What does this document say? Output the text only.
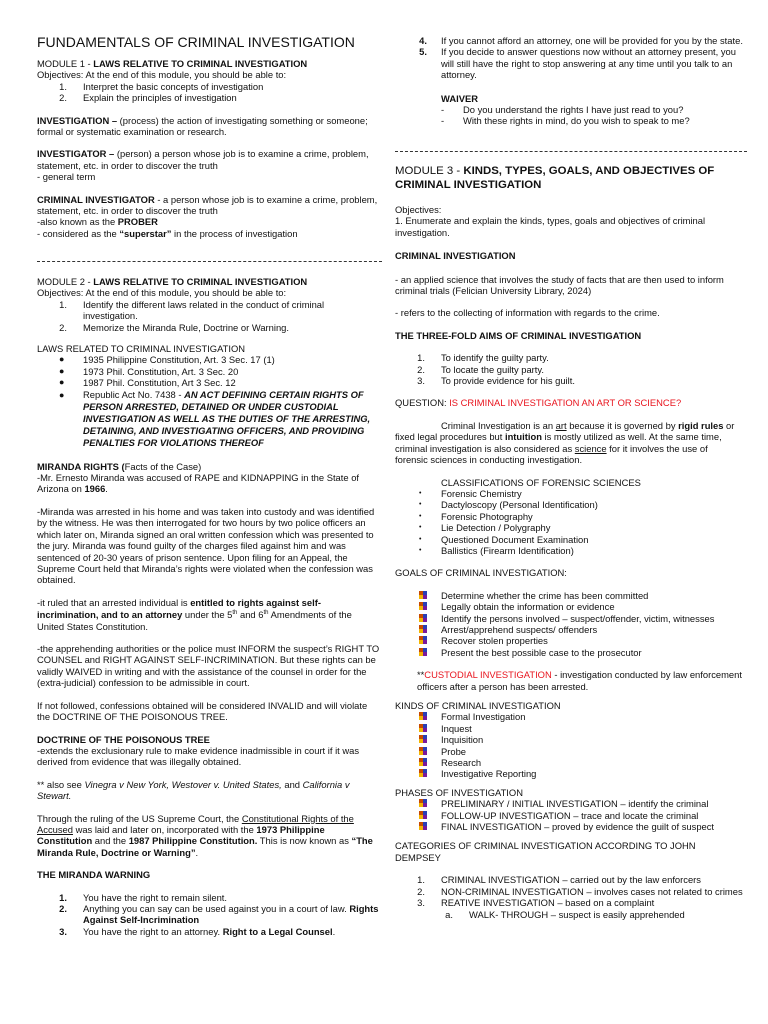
FUNDAMENTALS OF CRIMINAL INVESTIGATION

MODULE 1 - LAWS RELATIVE TO CRIMINAL INVESTIGATION

Objectives: At the end of this module, you should be able to:

1. Interpret the basic concepts of investigation
2. Explain the principles of investigation

INVESTIGATION – (process) the action of investigating something or someone; formal or systematic examination or research.

INVESTIGATOR – (person) a person whose job is to examine a crime, problem, statement, etc. in order to discover the truth

- general term

CRIMINAL INVESTIGATOR - a person whose job is to examine a crime, problem, statement, etc. in order to discover the truth

-also known as the PROBER

- considered as the “superstar” in the process of investigation

MODULE 2 - LAWS RELATIVE TO CRIMINAL INVESTIGATION

Objectives: At the end of this module, you should be able to:

1. Identify the different laws related in the conduct of criminal investigation.
2. Memorize the Miranda Rule, Doctrine or Warning.

LAWS RELATED TO CRIMINAL INVESTIGATION

● 1935 Philippine Constitution, Art. 3 Sec. 17 (1)
● 1973 Phil. Constitution, Art. 3 Sec. 20
● 1987 Phil. Constitution, Art 3 Sec. 12
● Republic Act No. 7438 - AN ACT DEFINING CERTAIN RIGHTS OF PERSON ARRESTED, DETAINED OR UNDER CUSTODIAL INVESTIGATION AS WELL AS THE DUTIES OF THE ARRESTING, DETAINING, AND INVESTIGATING OFFICERS, AND PROVIDING PENALTIES FOR VIOLATIONS THEREOF

MIRANDA RIGHTS (Facts of the Case)

-Mr. Ernesto Miranda was accused of RAPE and KIDNAPPING in the State of Arizona on 1966.

-Miranda was arrested in his home and was taken into custody and was identified by the witness. He was then interrogated for two hours by two police officers an which later on, Miranda signed an oral written confession which was presented to the jury. Miranda was found guilty of the charges filed against him and was sentenced of 20-30 years of prison sentence. Upon filing for an Appeal, the Supreme Court held that Miranda’s rights were violated when the confession was obtained.

-it ruled that an arrested individual is entitled to rights against self-incrimination, and to an attorney under the 5th and 6th Amendments of the United States Constitution.

-the apprehending authorities or the police must INFORM the suspect’s RIGHT TO COUNSEL and RIGHT AGAINST SELF-INCRIMINATION. But these rights can be validly WAIVED in writing and with the assistance of the counsel in order for the (extra-judicial) confession to be admissible in court.

If not followed, confessions obtained will be considered INVALID and will violate the DOCTRINE OF THE POISONOUS TREE.

DOCTRINE OF THE POISONOUS TREE

-extends the exclusionary rule to make evidence inadmissible in court if it was derived from evidence that was illegally obtained.

** also see Vinegra v New York, Westover v. United States, and California v Stewart.

Through the ruling of the US Supreme Court, the Constitutional Rights of the Accused was laid and later on, incorporated with the 1973 Philippine Constitution and the 1987 Philippine Constitution. This is now known as “The Miranda Rule, Doctrine or Warning”.

THE MIRANDA WARNING

1. You have the right to remain silent.
2. Anything you can say can be used against you in a court of law. Rights Against Self-Incrimination
3. You have the right to an attorney. Right to a Legal Counsel.
4. If you cannot afford an attorney, one will be provided for you by the state.
5. If you decide to answer questions now without an attorney present, you will still have the right to stop answering at any time until you talk to an attorney.

WAIVER

- Do you understand the rights I have just read to you?
- With these rights in mind, do you wish to speak to me?

MODULE 3 - KINDS, TYPES, GOALS, AND OBJECTIVES OF CRIMINAL INVESTIGATION

Objectives:

1. Enumerate and explain the kinds, types, goals and objectives of criminal investigation.

CRIMINAL INVESTIGATION

- an applied science that involves the study of facts that are then used to inform criminal trials (Felician University Library, 2024)

- refers to the collecting of information with regards to the crime.

THE THREE-FOLD AIMS OF CRIMINAL INVESTIGATION

1. To identify the guilty party.
2. To locate the guilty party.
3. To provide evidence for his guilt.

QUESTION: IS CRIMINAL INVESTIGATION AN ART OR SCIENCE?

Criminal Investigation is an art because it is governed by rigid rules or fixed legal procedures but intuition is mostly utilized as well. At the same time, criminal investigation is also considered as science for it involves the use of forensic sciences in conducting investigation.

CLASSIFICATIONS OF FORENSIC SCIENCES

• Forensic Chemistry
• Dactyloscopy (Personal Identification)
• Forensic Photography
• Lie Detection / Polygraphy
• Questioned Document Examination
• Ballistics (Firearm Identification)

GOALS OF CRIMINAL INVESTIGATION:

Determine whether the crime has been committed
Legally obtain the information or evidence
Identify the persons involved – suspect/offender, victim, witnesses
Arrest/apprehend suspects/ offenders
Recover stolen properties
Present the best possible case to the prosecutor

**CUSTODIAL INVESTIGATION - investigation conducted by law enforcement officers after a person has been arrested.

KINDS OF CRIMINAL INVESTIGATION

Formal Investigation
Inquest
Inquisition
Probe
Research
Investigative Reporting

PHASES OF INVESTIGATION

PRELIMINARY / INITIAL INVESTIGATION – identify the criminal
FOLLOW-UP INVESTIGATION – trace and locate the criminal
FINAL INVESTIGATION – proved by evidence the guilt of suspect

CATEGORIES OF CRIMINAL INVESTIGATION ACCORDING TO JOHN DEMPSEY

1. CRIMINAL INVESTIGATION – carried out by the law enforcers
2. NON-CRIMINAL INVESTIGATION – involves cases not related to crimes
3. REATIVE INVESTIGATION – based on a complaint
a. WALK- THROUGH – suspect is easily apprehended
